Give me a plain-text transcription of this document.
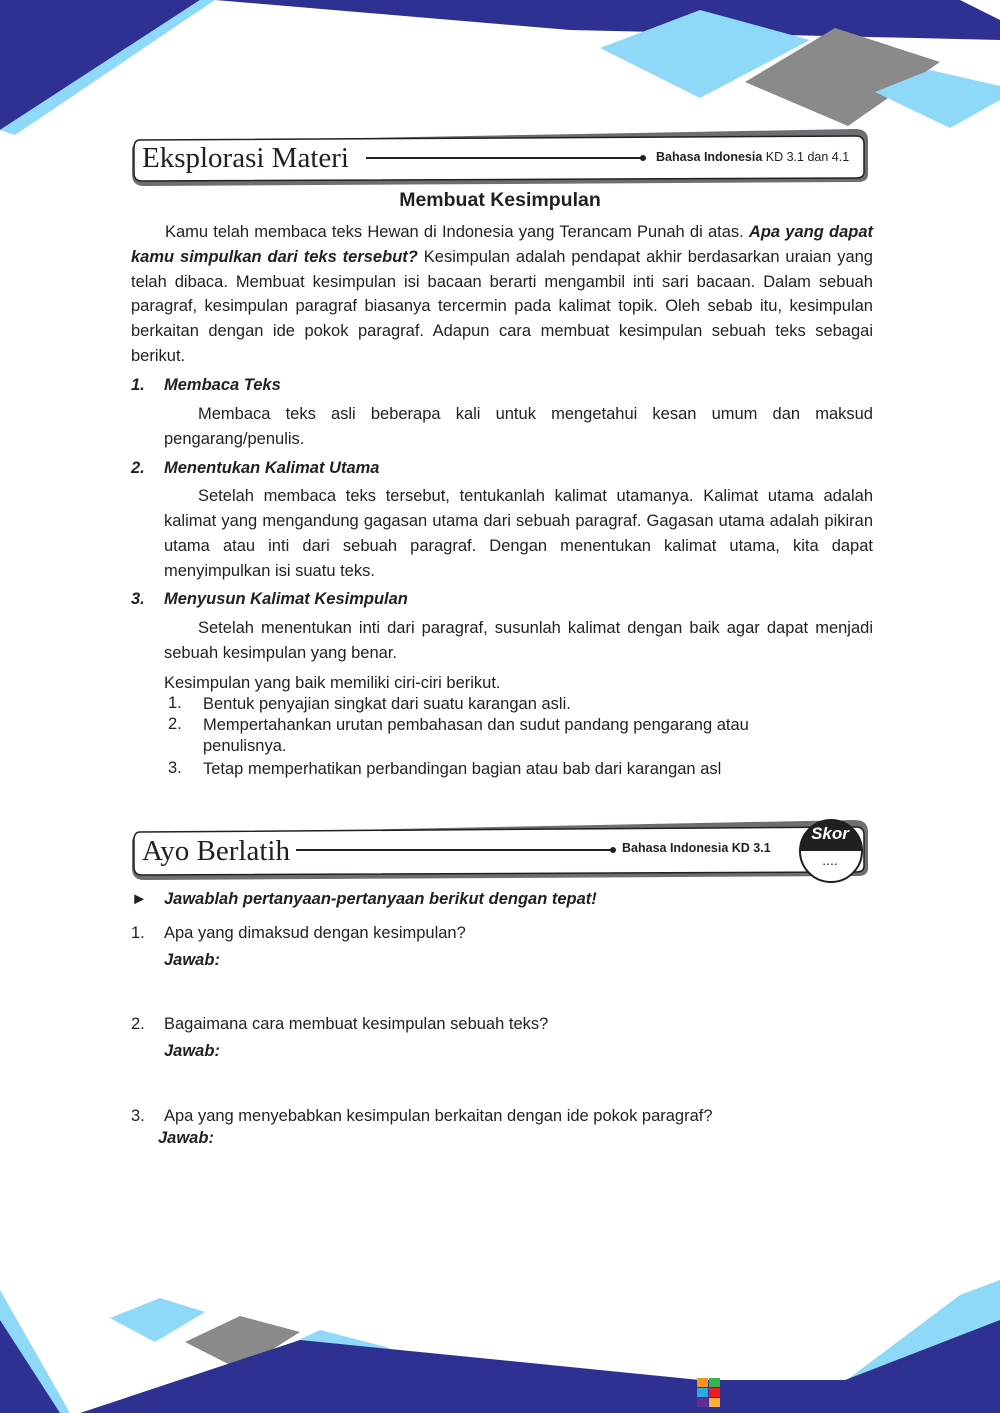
Eksplorasi Materi	Bahasa Indonesia KD 3.1 dan 4.1
Membuat Kesimpulan
Kamu telah membaca teks Hewan di Indonesia yang Terancam Punah di atas. Apa yang dapat kamu simpulkan dari teks tersebut? Kesimpulan adalah pendapat akhir berdasarkan uraian yang telah dibaca. Membuat kesimpulan isi bacaan berarti mengambil inti sari bacaan. Dalam sebuah paragraf, kesimpulan paragraf biasanya tercermin pada kalimat topik. Oleh sebab itu, kesimpulan berkaitan dengan ide pokok paragraf. Adapun cara membuat kesimpulan sebuah teks sebagai berikut.
1. Membaca Teks
Membaca teks asli beberapa kali untuk mengetahui kesan umum dan maksud pengarang/penulis.
2. Menentukan Kalimat Utama
Setelah membaca teks tersebut, tentukanlah kalimat utamanya. Kalimat utama adalah kalimat yang mengandung gagasan utama dari sebuah paragraf. Gagasan utama adalah pikiran utama atau inti dari sebuah paragraf. Dengan menentukan kalimat utama, kita dapat menyimpulkan isi suatu teks.
3. Menyusun Kalimat Kesimpulan
Setelah menentukan inti dari paragraf, susunlah kalimat dengan baik agar dapat menjadi sebuah kesimpulan yang benar.
Kesimpulan yang baik memiliki ciri-ciri berikut.
1. Bentuk penyajian singkat dari suatu karangan asli.
2. Mempertahankan urutan pembahasan dan sudut pandang pengarang atau
penulisnya.
3. Tetap memperhatikan perbandingan bagian atau bab dari karangan asl
Ayo Berlatih	Bahasa Indonesia KD 3.1
Skor
....
► Jawablah pertanyaan-pertanyaan berikut dengan tepat!
1. Apa yang dimaksud dengan kesimpulan?
Jawab:
2. Bagaimana cara membuat kesimpulan sebuah teks?
Jawab:
3. Apa yang menyebabkan kesimpulan berkaitan dengan ide pokok paragraf?
Jawab:
LIVEWORKSHEETS
